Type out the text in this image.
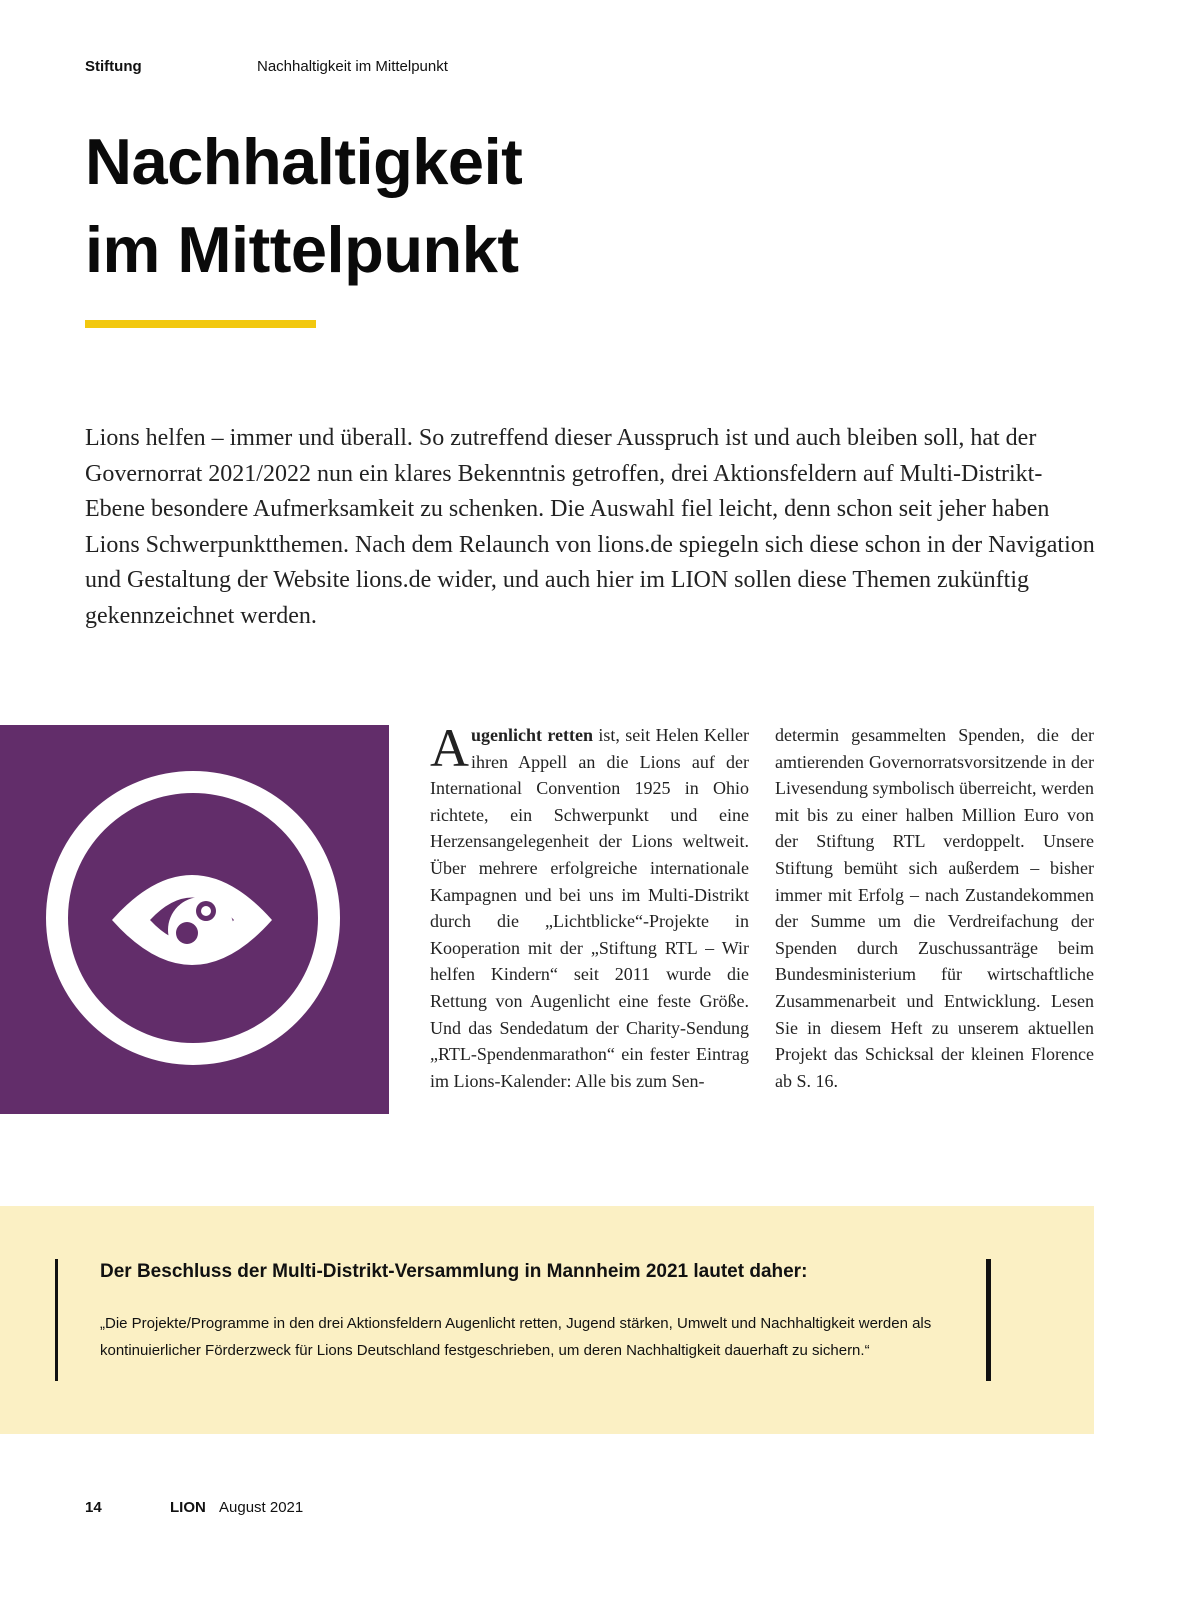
Stiftung	Nachhaltigkeit im Mittelpunkt
Nachhaltigkeit
im Mittelpunkt

Lions helfen – immer und überall. So zutreffend dieser Ausspruch ist und auch bleiben soll, hat der Governorrat 2021/2022 nun ein klares Bekenntnis getroffen, drei Aktionsfeldern auf Multi-Distrikt-Ebene besondere Aufmerksamkeit zu schenken. Die Auswahl fiel leicht, denn schon seit jeher haben Lions Schwerpunktthemen. Nach dem Relaunch von lions.de spiegeln sich diese schon in der Navigation und Gestaltung der Website lions.de wider, und auch hier im LION sollen diese Themen zukünftig gekennzeichnet werden.

Augenlicht retten ist, seit Helen Keller ihren Appell an die Lions auf der International Convention 1925 in Ohio richtete, ein Schwerpunkt und eine Herzensangelegenheit der Lions weltweit. Über mehrere erfolgreiche internationale Kampagnen und bei uns im Multi-Distrikt durch die „Lichtblicke“-Projekte in Kooperation mit der „Stiftung RTL – Wir helfen Kindern“ seit 2011 wurde die Rettung von Augenlicht eine feste Größe. Und das Sendedatum der Charity-Sendung „RTL-Spendenmarathon“ ein fester Eintrag im Lions-Kalender: Alle bis zum Sen-
determin gesammelten Spenden, die der amtierenden Governorratsvorsitzende in der Livesendung symbolisch überreicht, werden mit bis zu einer halben Million Euro von der Stiftung RTL verdoppelt. Unsere Stiftung bemüht sich außerdem – bisher immer mit Erfolg – nach Zustandekommen der Summe um die Verdreifachung der Spenden durch Zuschussanträge beim Bundesministerium für wirtschaftliche Zusammenarbeit und Entwicklung. Lesen Sie in diesem Heft zu unserem aktuellen Projekt das Schicksal der kleinen Florence ab S. 16.
Der Beschluss der Multi-Distrikt-Versammlung in Mannheim 2021 lautet daher:

„Die Projekte/Programme in den drei Aktionsfeldern Augenlicht retten, Jugend stärken, Umwelt und Nachhaltigkeit werden als kontinuierlicher Förderzweck für Lions Deutschland festgeschrieben, um deren Nachhaltigkeit dauerhaft zu sichern.“

14	LION August 2021
